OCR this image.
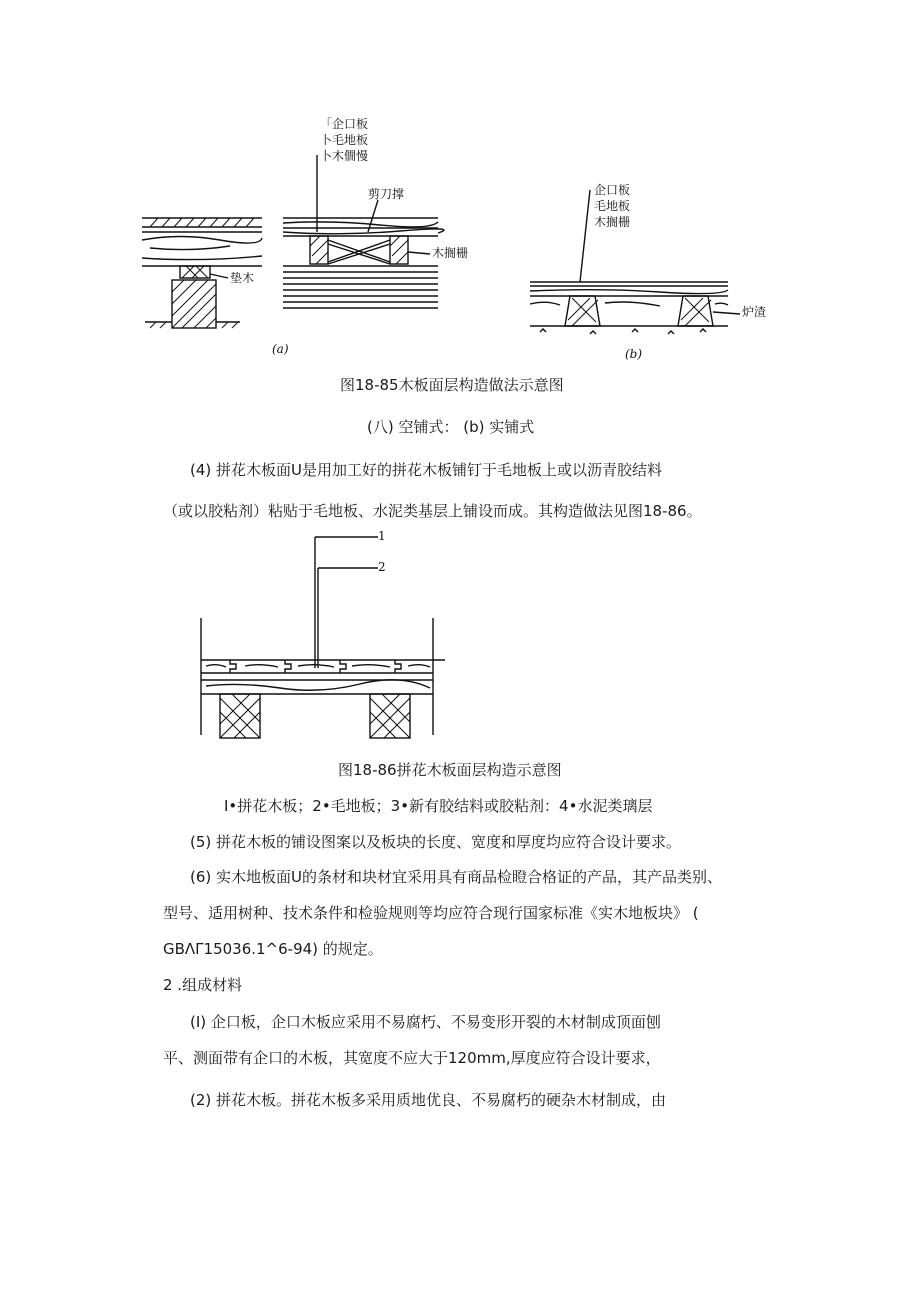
「企口板
卜毛地板
卜木僩慢
剪刀撑
木搁栅
垫木
(a)
企口板
毛地板
木搁栅
炉渣
(b)
图18-85木板面层构造做法示意图
(八) 空铺式： (b) 实铺式
(4) 拼花木板面U是用加工好的拼花木板铺钉于毛地板上或以沥青胶结料
（或以胶粘剂）粘贴于毛地板、水泥类基层上铺设而成。其构造做法见图18-86。
1
2
图18-86拼花木板面层构造示意图
I•拼花木板；2•毛地板；3•新有胶结料或胶粘剂：4•水泥类璃层
(5) 拼花木板的铺设图案以及板块的长度、宽度和厚度均应符合设计要求。
(6) 实木地板面U的条材和块材宜采用具有商品检瞪合格证的产品，其产品类别、
型号、适用树种、技术条件和检验规则等均应符合现行国家标准《实木地板块》 (
GBΛΓ15036.1^6-94) 的规定。
2 .组成材料
(I) 企口板，企口木板应采用不易腐朽、不易变形开裂的木材制成顶面刨
平、测面带有企口的木板，其宽度不应大于120mm,厚度应符合设计要求，
(2) 拼花木板。拼花木板多采用质地优良、不易腐朽的硬杂木材制成，由
